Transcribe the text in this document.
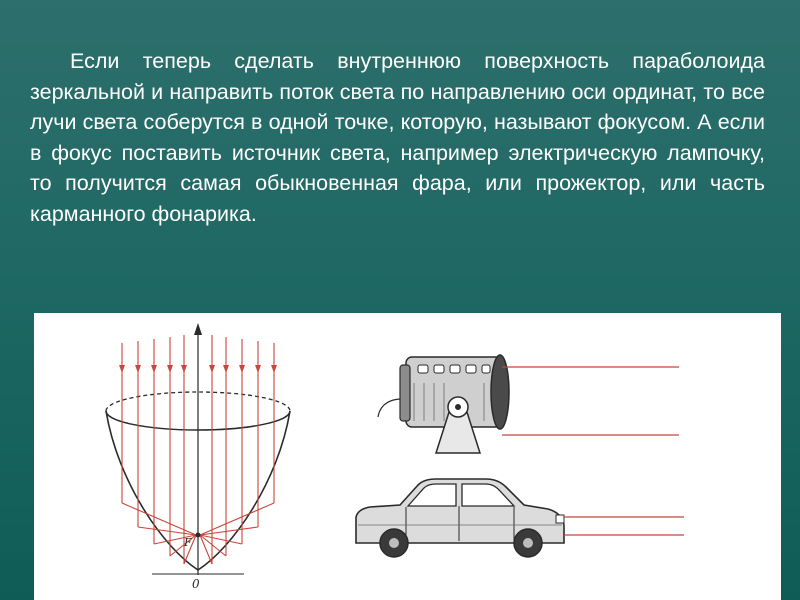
Если теперь сделать внутреннюю поверхность параболоида зеркальной и направить поток света по направлению оси ординат, то все лучи света соберутся в одной точке, которую, называют фокусом. А если в фокус поставить источник света, например электрическую лампочку, то получится самая обыкновенная фара, или прожектор, или часть карманного фонарика.

F
0
